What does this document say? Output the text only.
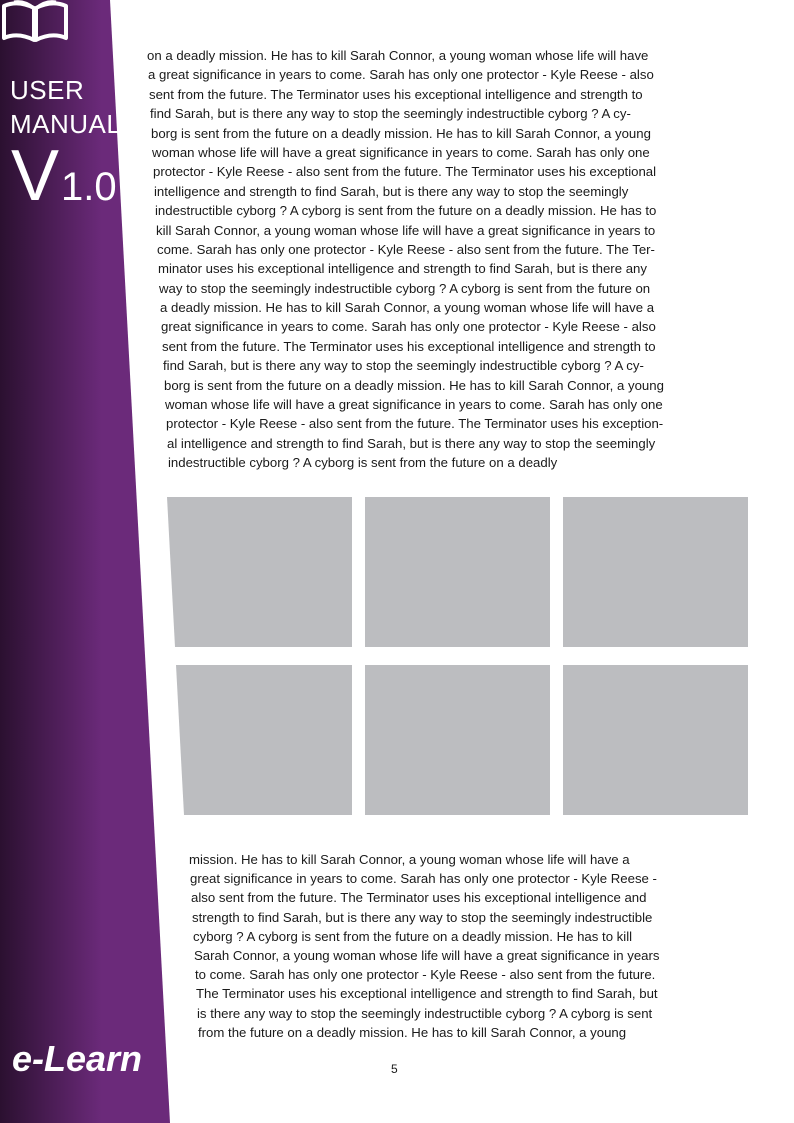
USER
MANUAL
V1.0
e-Learn
on a deadly mission. He has to kill Sarah Connor, a young woman whose life will have
a great significance in years to come. Sarah has only one protector - Kyle Reese - also
sent from the future. The Terminator uses his exceptional intelligence and strength to
find Sarah, but is there any way to stop the seemingly indestructible cyborg ? A cy-
borg is sent from the future on a deadly mission. He has to kill Sarah Connor, a young
woman whose life will have a great significance in years to come. Sarah has only one
protector - Kyle Reese - also sent from the future. The Terminator uses his exceptional
intelligence and strength to find Sarah, but is there any way to stop the seemingly
indestructible cyborg ? A cyborg is sent from the future on a deadly mission. He has to
kill Sarah Connor, a young woman whose life will have a great significance in years to
come. Sarah has only one protector - Kyle Reese - also sent from the future. The Ter-
minator uses his exceptional intelligence and strength to find Sarah, but is there any
way to stop the seemingly indestructible cyborg ? A cyborg is sent from the future on
a deadly mission. He has to kill Sarah Connor, a young woman whose life will have a
great significance in years to come. Sarah has only one protector - Kyle Reese - also
sent from the future. The Terminator uses his exceptional intelligence and strength to
find Sarah, but is there any way to stop the seemingly indestructible cyborg ? A cy-
borg is sent from the future on a deadly mission. He has to kill Sarah Connor, a young
woman whose life will have a great significance in years to come. Sarah has only one
protector - Kyle Reese - also sent from the future. The Terminator uses his exception-
al intelligence and strength to find Sarah, but is there any way to stop the seemingly
indestructible cyborg ? A cyborg is sent from the future on a deadly
mission. He has to kill Sarah Connor, a young woman whose life will have a
great significance in years to come. Sarah has only one protector - Kyle Reese -
also sent from the future. The Terminator uses his exceptional intelligence and
strength to find Sarah, but is there any way to stop the seemingly indestructible
cyborg ? A cyborg is sent from the future on a deadly mission. He has to kill
Sarah Connor, a young woman whose life will have a great significance in years
to come. Sarah has only one protector - Kyle Reese - also sent from the future.
The Terminator uses his exceptional intelligence and strength to find Sarah, but
is there any way to stop the seemingly indestructible cyborg ? A cyborg is sent
from the future on a deadly mission. He has to kill Sarah Connor, a young
5
